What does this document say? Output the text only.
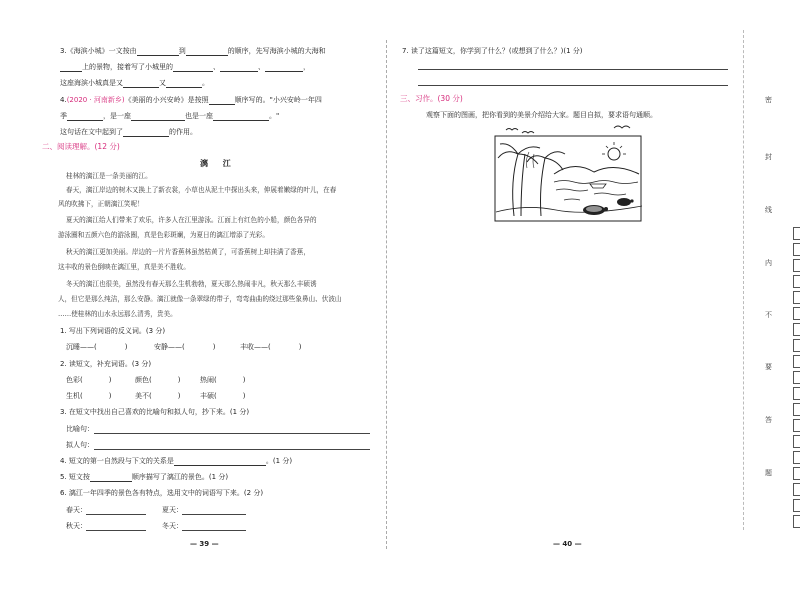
3.《海滨小城》一文按由	到	的顺序，先写海滨小城的大海和
上的景物，接着写了小城里的	、	、	，
这座海滨小城真是又	又	。
4.(2020 · 河南新乡)《美丽的小兴安岭》是按照	顺序写的。"小兴安岭一年四
季	，是一座	也是一座	。"
这句话在文中起到了	的作用。
二、阅读理解。(12 分)
漓 江
桂林的漓江是一条美丽的江。
春天，漓江岸边的树木又换上了新衣裳，小草也从泥土中探出头来，伸展着嫩绿的叶儿，在春
风的吹拂下，正朝漓江笑呢！
夏天的漓江给人们带来了欢乐，许多人在江里游泳。江面上有红色的小船，颜色各异的
游泳圈和五颜六色的游泳圈，真是色彩斑斓，为夏日的漓江增添了光彩。
秋天的漓江更加美丽。岸边的一片片香蕉林虽然枯黄了，可香蕉树上却挂满了香蕉，
这丰收的景色倒映在漓江里，真是美不胜收。
冬天的漓江也很美，虽然没有春天那么生机勃勃，夏天那么热闹非凡，秋天那么丰硕诱
人，但它是那么纯洁，那么安静。漓江就像一条翠绿的带子，弯弯曲曲的绕过那些象鼻山、伏波山
……使桂林的山水永远那么清秀，贵美。
1. 写出下列词语的反义词。(3 分)
沉睡——(	)	安静——(	)	丰收——(	)
2. 读短文，补充词语。(3 分)
色彩(	)	颜色(	)	热闹(	)
生机(	)	美不(	)	丰硕(	)
3. 在短文中找出自己喜欢的比喻句和拟人句，抄下来。(1 分)
比喻句：
拟人句：
4. 短文的第一自然段与下文的关系是	。(1 分)
5. 短文按	顺序描写了漓江的景色。(1 分)
6. 漓江一年四季的景色各有特点，选用文中的词语写下来。(2 分)
春天：	夏天：
秋天：	冬天：
— 39 —
7. 读了这篇短文，你学到了什么？(或想到了什么？)(1 分)
三、习作。(30 分)
观察下面的图画，把你看到的美景介绍给大家。题目自拟，要求语句通顺。
— 40 —
密
封
线
内
不
要
答
题
